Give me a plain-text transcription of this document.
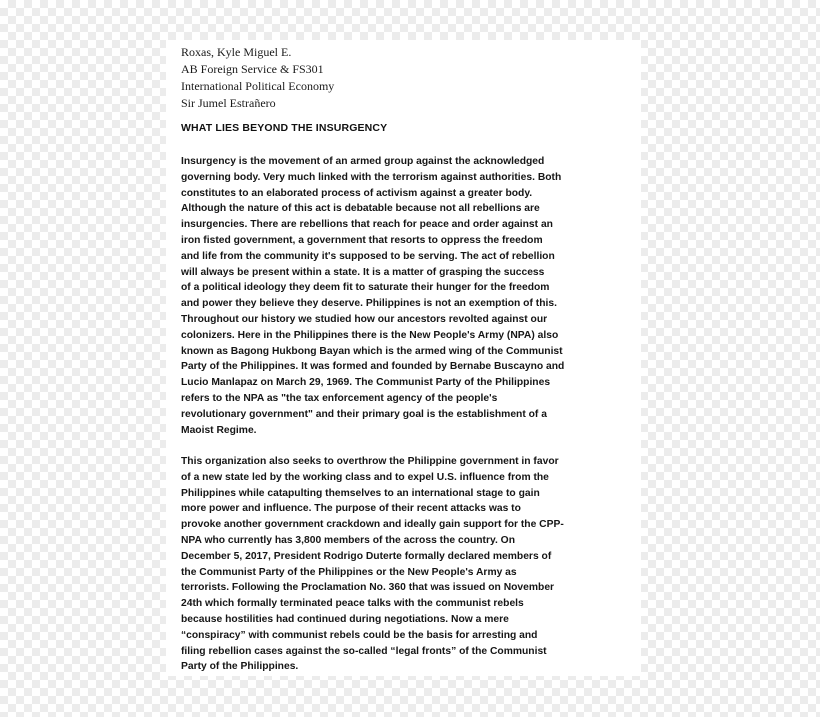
Roxas, Kyle Miguel E.
AB Foreign Service & FS301
International Political Economy
Sir Jumel Estrañero
WHAT LIES BEYOND THE INSURGENCY
Insurgency is the movement of an armed group against the acknowledged
governing body. Very much linked with the terrorism against authorities. Both
constitutes to an elaborated process of activism against a greater body.
Although the nature of this act is debatable because not all rebellions are
insurgencies. There are rebellions that reach for peace and order against an
iron fisted government, a government that resorts to oppress the freedom
and life from the community it's supposed to be serving. The act of rebellion
will always be present within a state. It is a matter of grasping the success
of a political ideology they deem fit to saturate their hunger for the freedom
and power they believe they deserve. Philippines is not an exemption of this.
Throughout our history we studied how our ancestors revolted against our
colonizers. Here in the Philippines there is the New People's Army (NPA) also
known as Bagong Hukbong Bayan which is the armed wing of the Communist
Party of the Philippines. It was formed and founded by Bernabe Buscayno and
Lucio Manlapaz on March 29, 1969. The Communist Party of the Philippines
refers to the NPA as "the tax enforcement agency of the people's
revolutionary government" and their primary goal is the establishment of a
Maoist Regime.
This organization also seeks to overthrow the Philippine government in favor
of a new state led by the working class and to expel U.S. influence from the
Philippines while catapulting themselves to an international stage to gain
more power and influence. The purpose of their recent attacks was to
provoke another government crackdown and ideally gain support for the CPP-
NPA who currently has 3,800 members of the across the country. On
December 5, 2017, President Rodrigo Duterte formally declared members of
the Communist Party of the Philippines or the New People's Army as
terrorists. Following the Proclamation No. 360 that was issued on November
24th which formally terminated peace talks with the communist rebels
because hostilities had continued during negotiations. Now a mere
“conspiracy” with communist rebels could be the basis for arresting and
filing rebellion cases against the so-called “legal fronts” of the Communist
Party of the Philippines.
